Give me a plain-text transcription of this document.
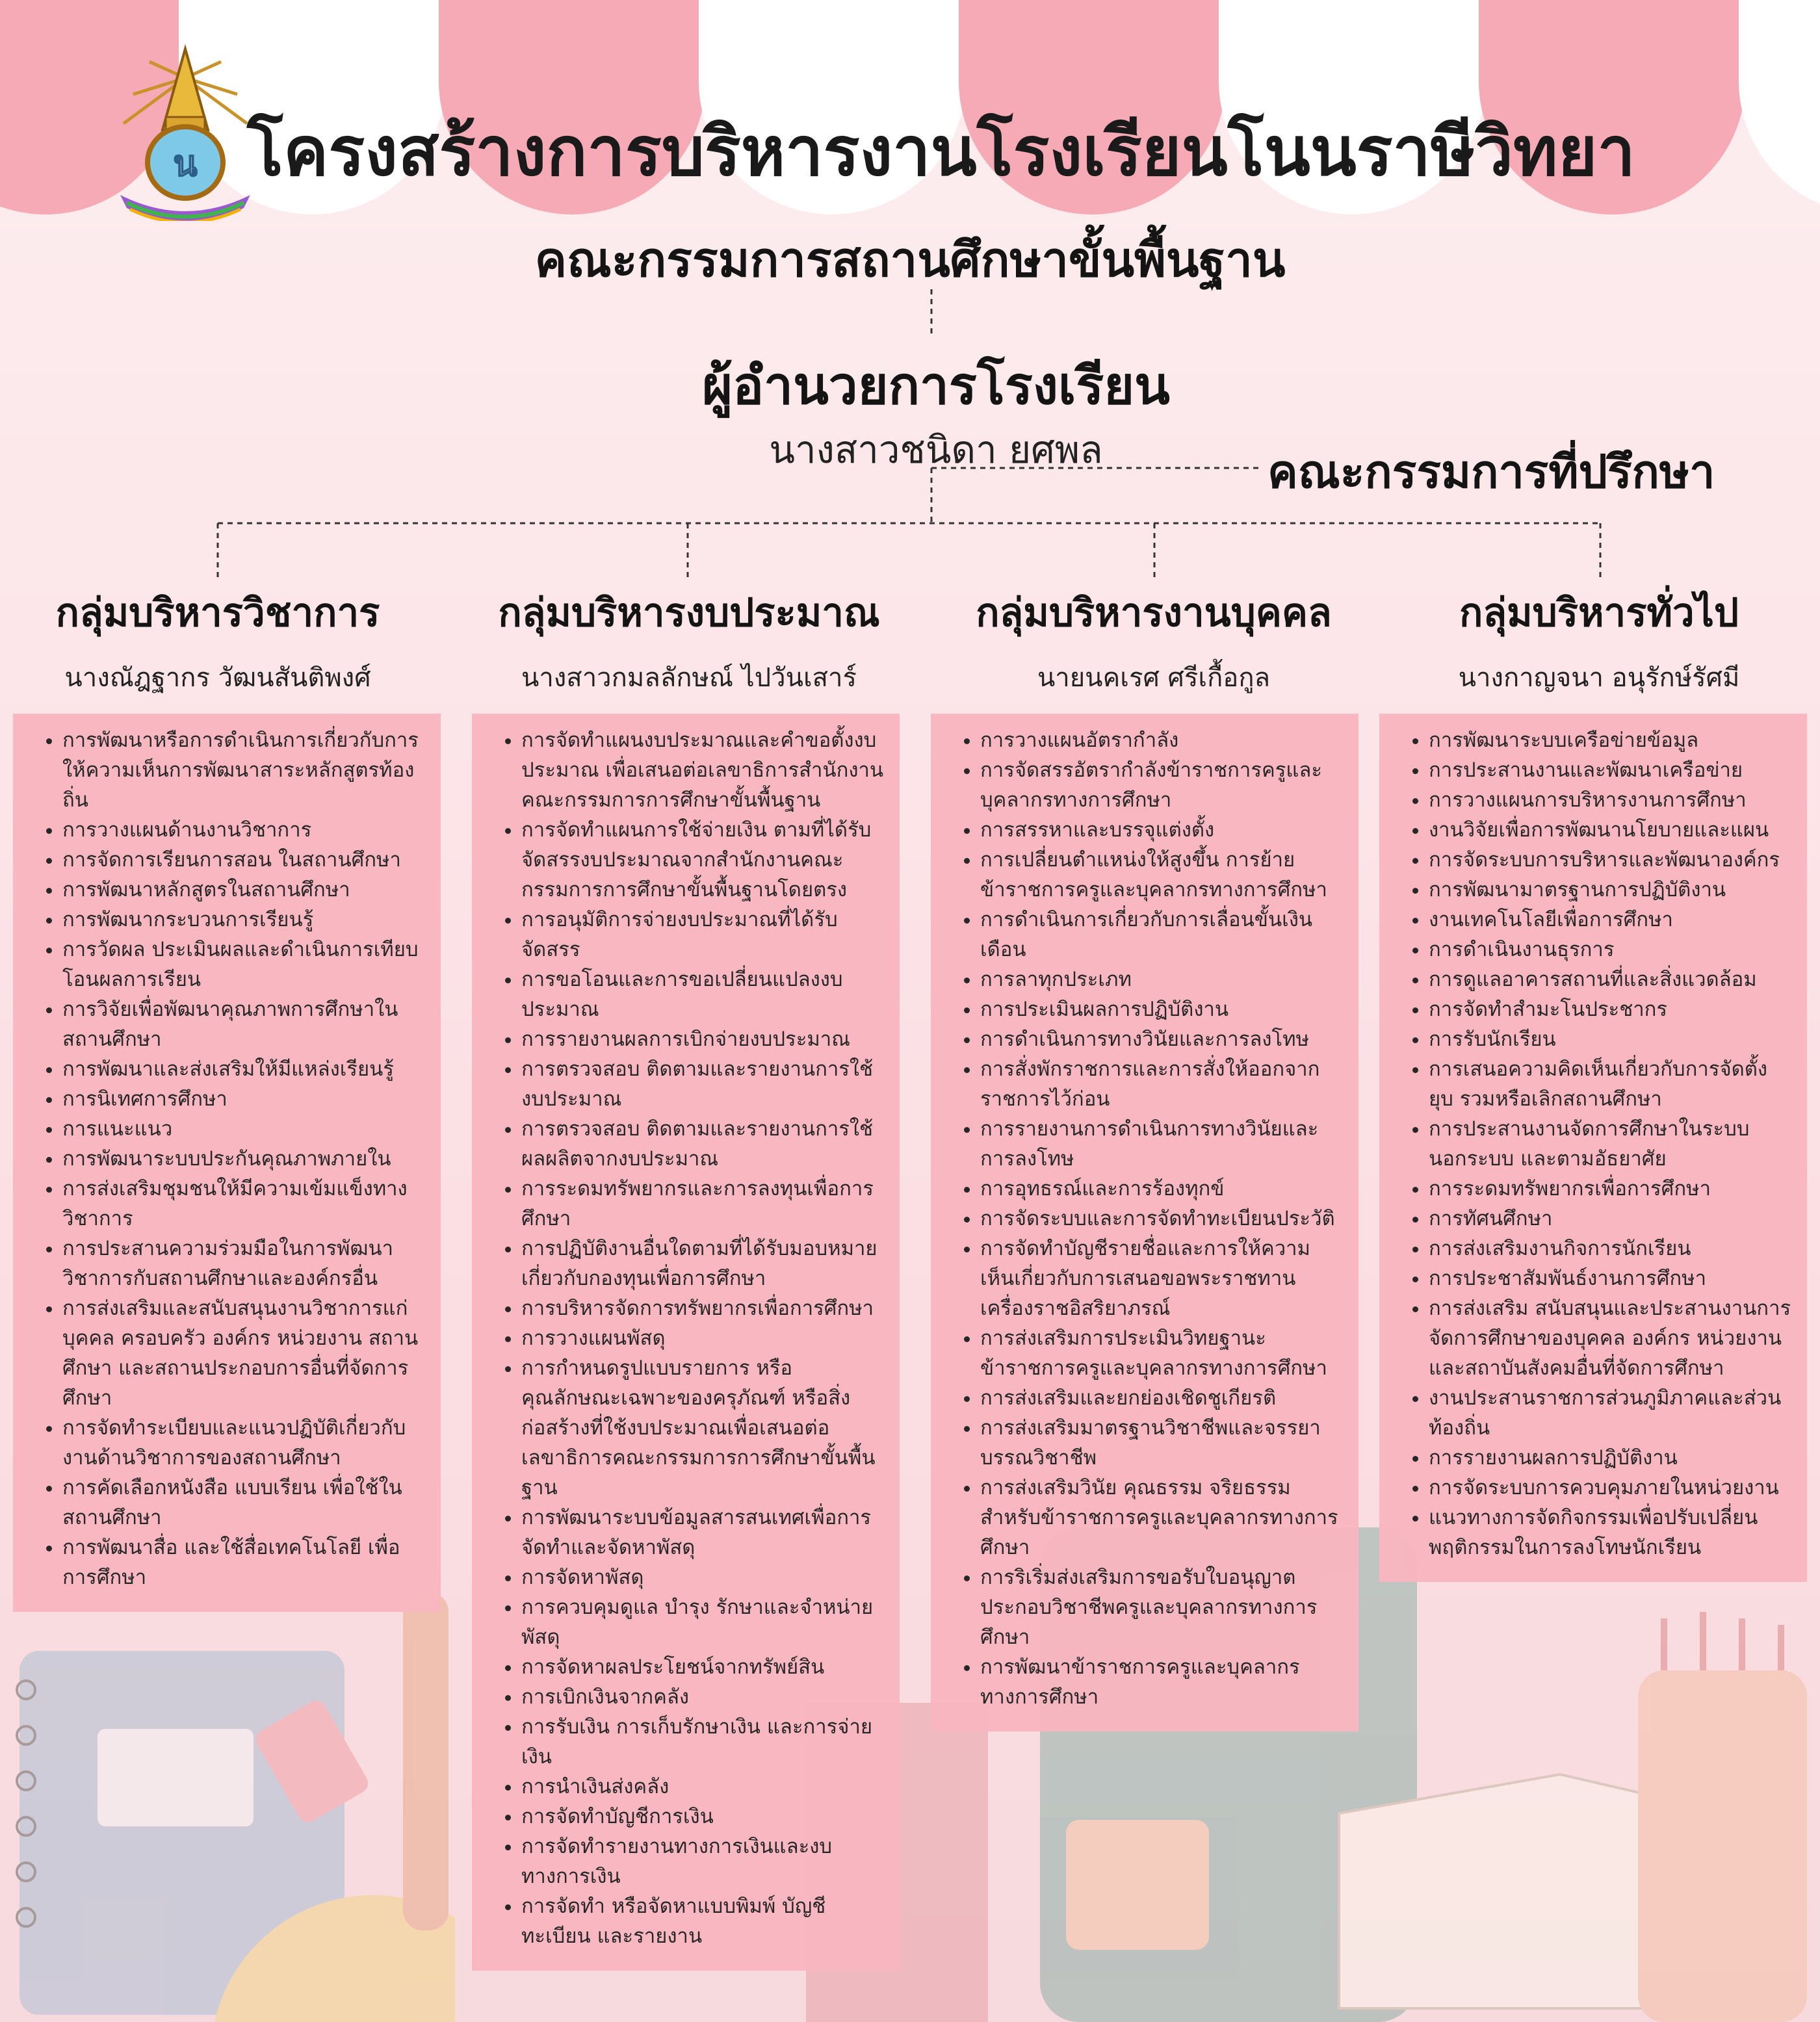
น โครงสร้างการบริหารงานโรงเรียนโนนราษีวิทยา
คณะกรรมการสถานศึกษาขั้นพื้นฐาน
ผู้อำนวยการโรงเรียน
นางสาวชนิดา ยศพล	คณะกรรมการที่ปรึกษา
กลุ่มบริหารวิชาการ
นางณัฎฐากร วัฒนสันติพงศ์
กลุ่มบริหารงบประมาณ
นางสาวกมลลักษณ์ ไปวันเสาร์
กลุ่มบริหารงานบุคคล
นายนคเรศ ศรีเกื้อกูล
กลุ่มบริหารทั่วไป
นางกาญจนา อนุรักษ์รัศมี
• การพัฒนาหรือการดำเนินการเกี่ยวกับการให้ความเห็นการพัฒนาสาระหลักสูตรท้องถิ่น
• การวางแผนด้านงานวิชาการ
• การจัดการเรียนการสอน ในสถานศึกษา
• การพัฒนาหลักสูตรในสถานศึกษา
• การพัฒนากระบวนการเรียนรู้
• การวัดผล ประเมินผลและดำเนินการเทียบโอนผลการเรียน
• การวิจัยเพื่อพัฒนาคุณภาพการศึกษาในสถานศึกษา
• การพัฒนาและส่งเสริมให้มีแหล่งเรียนรู้
• การนิเทศการศึกษา
• การแนะแนว
• การพัฒนาระบบประกันคุณภาพภายใน
• การส่งเสริมชุมชนให้มีความเข้มแข็งทางวิชาการ
• การประสานความร่วมมือในการพัฒนาวิชาการกับสถานศึกษาและองค์กรอื่น
• การส่งเสริมและสนับสนุนงานวิชาการแก่บุคคล ครอบครัว องค์กร หน่วยงาน สถานศึกษา และสถานประกอบการอื่นที่จัดการศึกษา
• การจัดทำระเบียบและแนวปฏิบัติเกี่ยวกับงานด้านวิชาการของสถานศึกษา
• การคัดเลือกหนังสือ แบบเรียน เพื่อใช้ในสถานศึกษา
• การพัฒนาสื่อ และใช้สื่อเทคโนโลยี เพื่อการศึกษา
• การจัดทำแผนงบประมาณและคำขอตั้งงบประมาณ เพื่อเสนอต่อเลขาธิการสำนักงานคณะกรรมการการศึกษาขั้นพื้นฐาน
• การจัดทำแผนการใช้จ่ายเงิน ตามที่ได้รับจัดสรรงบประมาณจากสำนักงานคณะกรรมการการศึกษาขั้นพื้นฐานโดยตรง
• การอนุมัติการจ่ายงบประมาณที่ได้รับจัดสรร
• การขอโอนและการขอเปลี่ยนแปลงงบประมาณ
• การรายงานผลการเบิกจ่ายงบประมาณ
• การตรวจสอบ ติดตามและรายงานการใช้งบประมาณ
• การตรวจสอบ ติดตามและรายงานการใช้ผลผลิตจากงบประมาณ
• การระดมทรัพยากรและการลงทุนเพื่อการศึกษา
• การปฏิบัติงานอื่นใดตามที่ได้รับมอบหมายเกี่ยวกับกองทุนเพื่อการศึกษา
• การบริหารจัดการทรัพยากรเพื่อการศึกษา
• การวางแผนพัสดุ
• การกำหนดรูปแบบรายการ หรือคุณลักษณะเฉพาะของครุภัณฑ์ หรือสิ่งก่อสร้างที่ใช้งบประมาณเพื่อเสนอต่อเลขาธิการคณะกรรมการการศึกษาขั้นพื้นฐาน
• การพัฒนาระบบข้อมูลสารสนเทศเพื่อการจัดทำและจัดหาพัสดุ
• การจัดหาพัสดุ
• การควบคุมดูแล บำรุง รักษาและจำหน่ายพัสดุ
• การจัดหาผลประโยชน์จากทรัพย์สิน
• การเบิกเงินจากคลัง
• การรับเงิน การเก็บรักษาเงิน และการจ่ายเงิน
• การนำเงินส่งคลัง
• การจัดทำบัญชีการเงิน
• การจัดทำรายงานทางการเงินและงบทางการเงิน
• การจัดทำ หรือจัดหาแบบพิมพ์ บัญชี ทะเบียน และรายงาน
• การวางแผนอัตรากำลัง
• การจัดสรรอัตรากำลังข้าราชการครูและบุคลากรทางการศึกษา
• การสรรหาและบรรจุแต่งตั้ง
• การเปลี่ยนตำแหน่งให้สูงขึ้น การย้ายข้าราชการครูและบุคลากรทางการศึกษา
• การดำเนินการเกี่ยวกับการเลื่อนขั้นเงินเดือน
• การลาทุกประเภท
• การประเมินผลการปฏิบัติงาน
• การดำเนินการทางวินัยและการลงโทษ
• การสั่งพักราชการและการสั่งให้ออกจากราชการไว้ก่อน
• การรายงานการดำเนินการทางวินัยและการลงโทษ
• การอุทธรณ์และการร้องทุกข์
• การจัดระบบและการจัดทำทะเบียนประวัติ
• การจัดทำบัญชีรายชื่อและการให้ความเห็นเกี่ยวกับการเสนอขอพระราชทานเครื่องราชอิสริยาภรณ์
• การส่งเสริมการประเมินวิทยฐานะข้าราชการครูและบุคลากรทางการศึกษา
• การส่งเสริมและยกย่องเชิดชูเกียรติ
• การส่งเสริมมาตรฐานวิชาชีพและจรรยาบรรณวิชาชีพ
• การส่งเสริมวินัย คุณธรรม จริยธรรม สำหรับข้าราชการครูและบุคลากรทางการศึกษา
• การริเริ่มส่งเสริมการขอรับใบอนุญาตประกอบวิชาชีพครูและบุคลากรทางการศึกษา
• การพัฒนาข้าราชการครูและบุคลากรทางการศึกษา
• การพัฒนาระบบเครือข่ายข้อมูล
• การประสานงานและพัฒนาเครือข่าย
• การวางแผนการบริหารงานการศึกษา
• งานวิจัยเพื่อการพัฒนานโยบายและแผน
• การจัดระบบการบริหารและพัฒนาองค์กร
• การพัฒนามาตรฐานการปฏิบัติงาน
• งานเทคโนโลยีเพื่อการศึกษา
• การดำเนินงานธุรการ
• การดูแลอาคารสถานที่และสิ่งแวดล้อม
• การจัดทำสำมะโนประชากร
• การรับนักเรียน
• การเสนอความคิดเห็นเกี่ยวกับการจัดตั้ง ยุบ รวมหรือเลิกสถานศึกษา
• การประสานงานจัดการศึกษาในระบบ นอกระบบ และตามอัธยาศัย
• การระดมทรัพยากรเพื่อการศึกษา
• การทัศนศึกษา
• การส่งเสริมงานกิจการนักเรียน
• การประชาสัมพันธ์งานการศึกษา
• การส่งเสริม สนับสนุนและประสานงานการจัดการศึกษาของบุคคล องค์กร หน่วยงานและสถาบันสังคมอื่นที่จัดการศึกษา
• งานประสานราชการส่วนภูมิภาคและส่วนท้องถิ่น
• การรายงานผลการปฏิบัติงาน
• การจัดระบบการควบคุมภายในหน่วยงาน
• แนวทางการจัดกิจกรรมเพื่อปรับเปลี่ยนพฤติกรรมในการลงโทษนักเรียน
